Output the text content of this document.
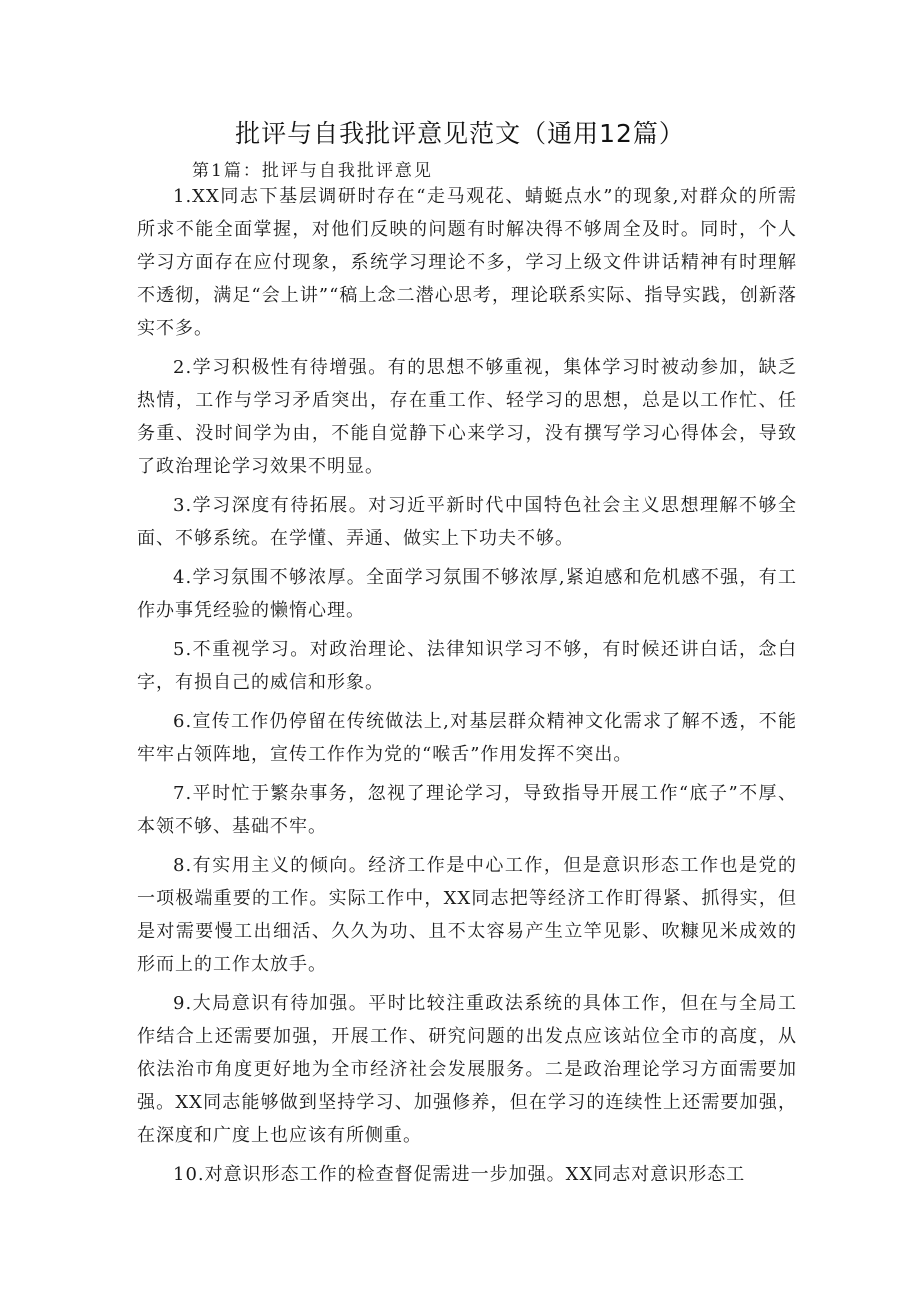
批评与自我批评意见范文（通用12篇）

第1篇：批评与自我批评意见

1.XX同志下基层调研时存在“走马观花、蜻蜓点水”的现象,对群众的所需所求不能全面掌握，对他们反映的问题有时解决得不够周全及时。同时，个人学习方面存在应付现象，系统学习理论不多，学习上级文件讲话精神有时理解不透彻，满足“会上讲”“稿上念二潜心思考，理论联系实际、指导实践，创新落实不多。

2.学习积极性有待增强。有的思想不够重视，集体学习时被动参加，缺乏热情，工作与学习矛盾突出，存在重工作、轻学习的思想，总是以工作忙、任务重、没时间学为由，不能自觉静下心来学习，没有撰写学习心得体会，导致了政治理论学习效果不明显。

3.学习深度有待拓展。对习近平新时代中国特色社会主义思想理解不够全面、不够系统。在学懂、弄通、做实上下功夫不够。

4.学习氛围不够浓厚。全面学习氛围不够浓厚,紧迫感和危机感不强，有工作办事凭经验的懒惰心理。

5.不重视学习。对政治理论、法律知识学习不够，有时候还讲白话，念白字，有损自己的威信和形象。

6.宣传工作仍停留在传统做法上,对基层群众精神文化需求了解不透，不能牢牢占领阵地，宣传工作作为党的“喉舌”作用发挥不突出。

7.平时忙于繁杂事务，忽视了理论学习，导致指导开展工作“底子”不厚、本领不够、基础不牢。

8.有实用主义的倾向。经济工作是中心工作，但是意识形态工作也是党的一项极端重要的工作。实际工作中，XX同志把等经济工作盯得紧、抓得实，但是对需要慢工出细活、久久为功、且不太容易产生立竿见影、吹糠见米成效的形而上的工作太放手。

9.大局意识有待加强。平时比较注重政法系统的具体工作，但在与全局工作结合上还需要加强，开展工作、研究问题的出发点应该站位全市的高度，从依法治市角度更好地为全市经济社会发展服务。二是政治理论学习方面需要加强。XX同志能够做到坚持学习、加强修养，但在学习的连续性上还需要加强，在深度和广度上也应该有所侧重。

10.对意识形态工作的检查督促需进一步加强。XX同志对意识形态工
